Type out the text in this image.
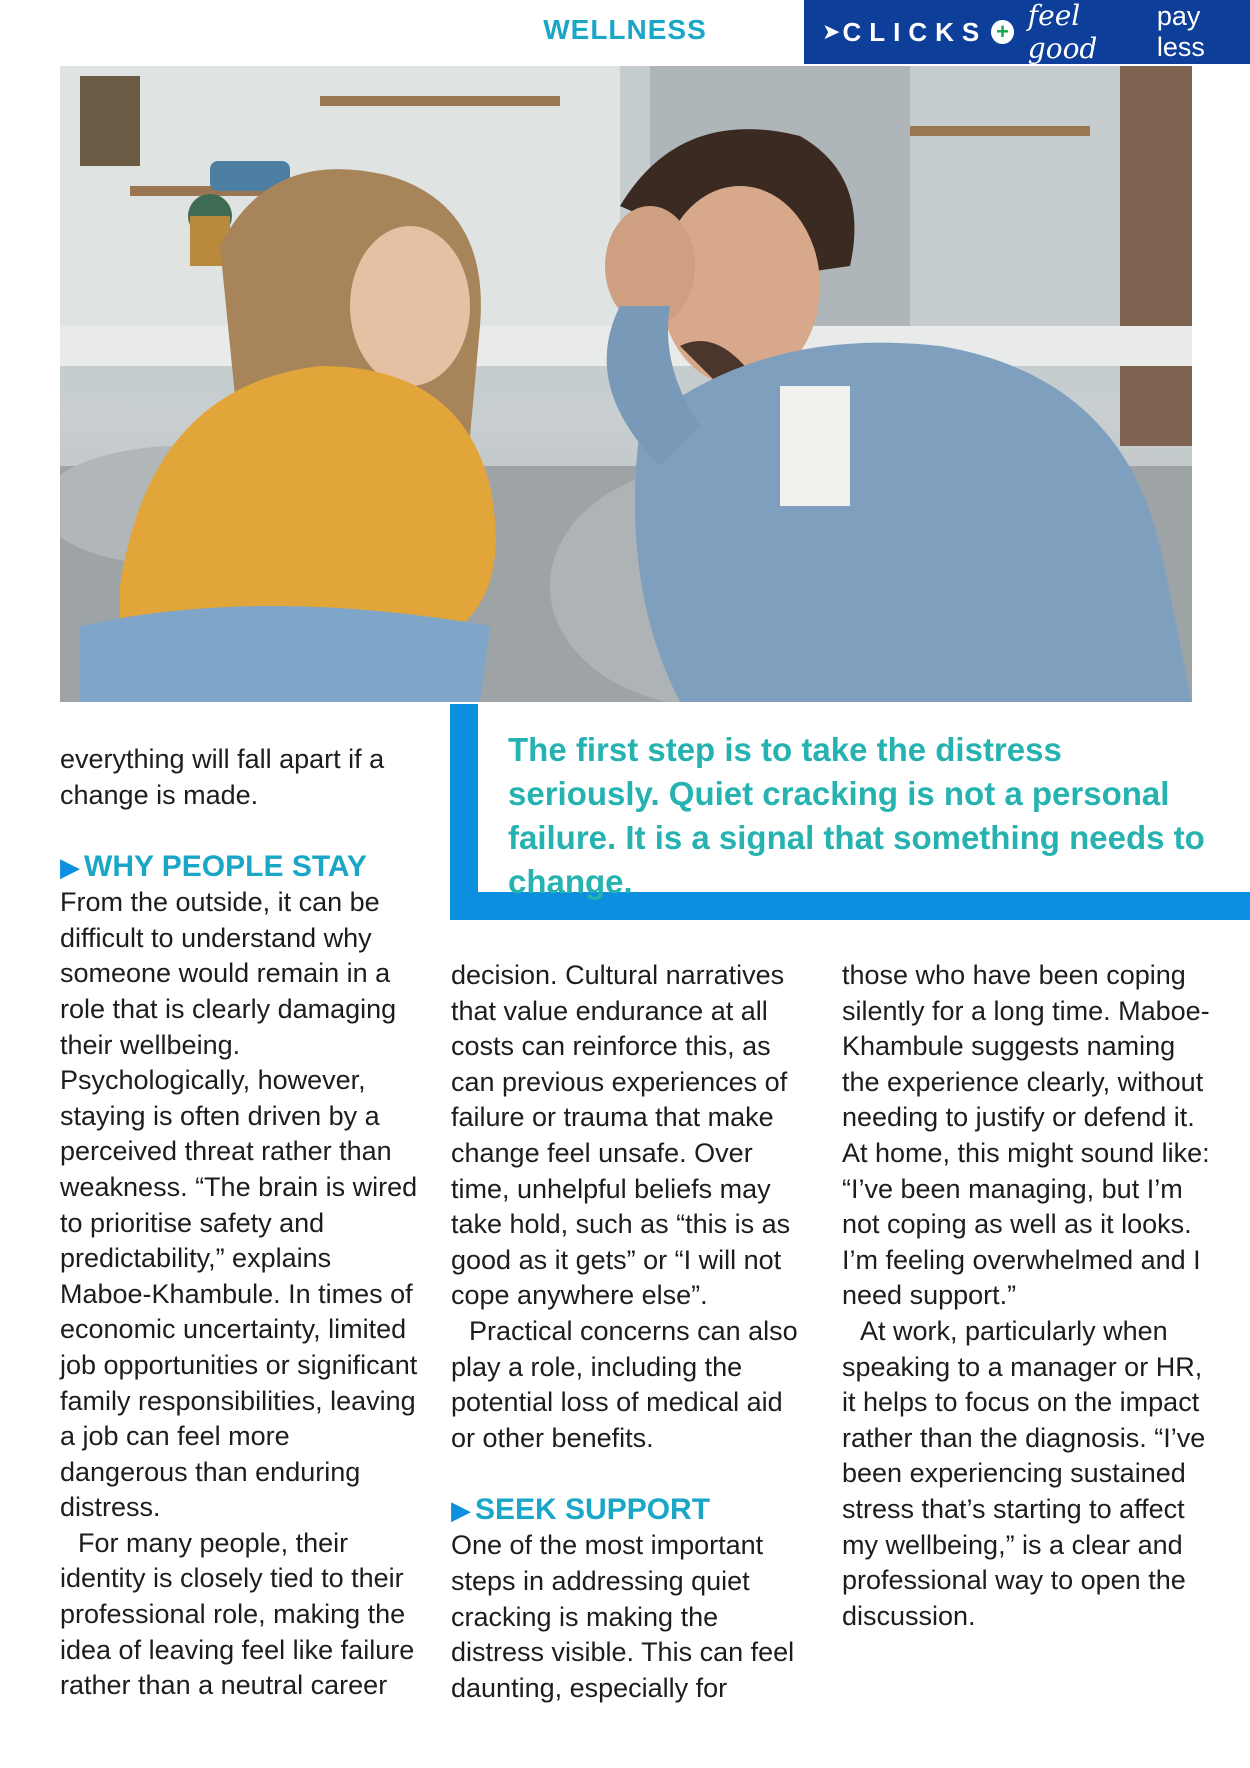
WELLNESS	➤ CLICKS + feel good
pay less

The first step is to take the distress seriously. Quiet cracking is not a personal failure. It is a signal that something needs to change.

everything will fall apart if a change is made.

▶ WHY PEOPLE STAY

From the outside, it can be difficult to understand why someone would remain in a role that is clearly damaging their wellbeing. Psychologically, however, staying is often driven by a perceived threat rather than weakness. “The brain is wired to prioritise safety and predictability,” explains Maboe-Khambule. In times of economic uncertainty, limited job opportunities or significant family responsibilities, leaving a job can feel more dangerous than enduring distress.

For many people, their identity is closely tied to their professional role, making the idea of leaving feel like failure rather than a neutral career

decision. Cultural narratives that value endurance at all costs can reinforce this, as can previous experiences of failure or trauma that make change feel unsafe. Over time, unhelpful beliefs may take hold, such as “this is as good as it gets” or “I will not cope anywhere else”.

Practical concerns can also play a role, including the potential loss of medical aid or other benefits.

▶ SEEK SUPPORT

One of the most important steps in addressing quiet cracking is making the distress visible. This can feel daunting, especially for

those who have been coping silently for a long time. Maboe-Khambule suggests naming the experience clearly, without needing to justify or defend it. At home, this might sound like: “I’ve been managing, but I’m not coping as well as it looks. I’m feeling overwhelmed and I need support.”

At work, particularly when speaking to a manager or HR, it helps to focus on the impact rather than the diagnosis. “I’ve been experiencing sustained stress that’s starting to affect my wellbeing,” is a clear and professional way to open the discussion.
